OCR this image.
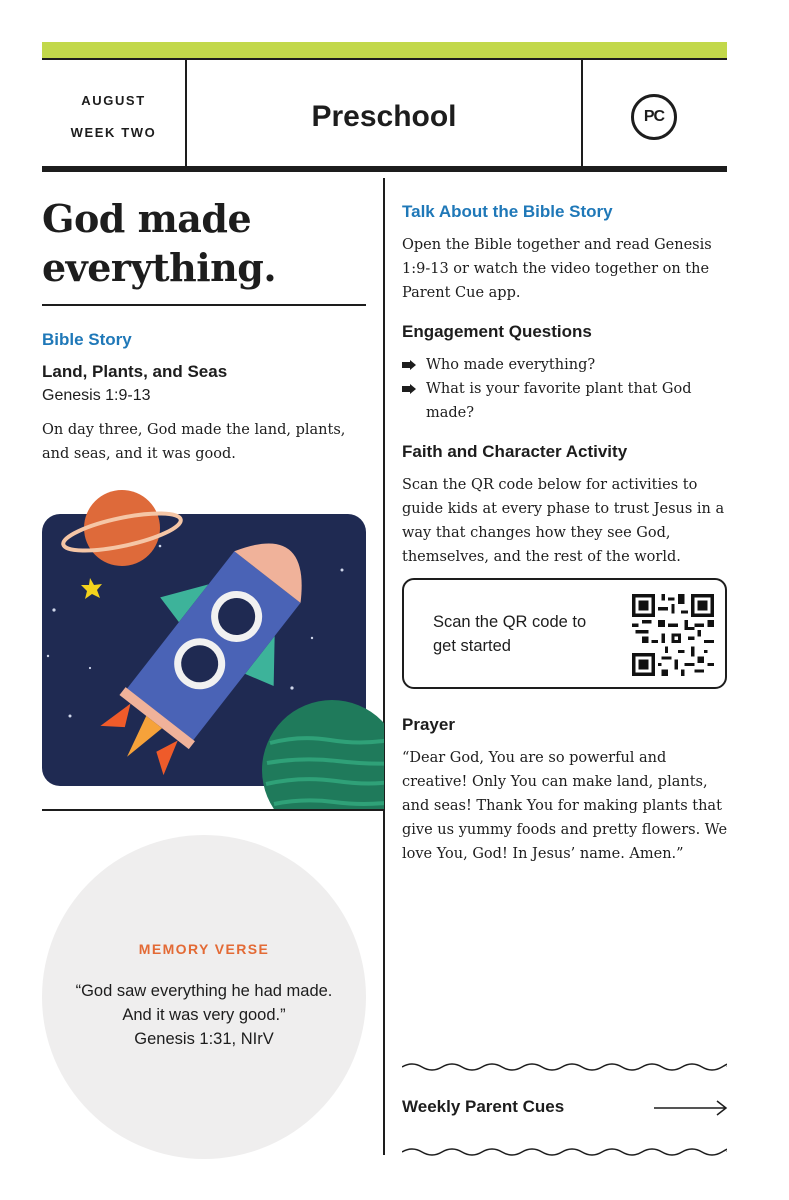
AUGUST
WEEK TWO	Preschool	PC
God made
everything.
Bible Story
Land, Plants, and Seas
Genesis 1:9-13
On day three, God made the land, plants, and seas, and it was good.
MEMORY VERSE
“God saw everything he had made. And it was very good.”
Genesis 1:31, NIrV
Talk About the Bible Story
Open the Bible together and read Genesis 1:9-13 or watch the video together on the Parent Cue app.
Engagement Questions
Who made everything?
What is your favorite plant that God made?
Faith and Character Activity
Scan the QR code below for activities to guide kids at every phase to trust Jesus in a way that changes how they see God, themselves, and the rest of the world.
Scan the QR code to get started
Prayer
“Dear God, You are so powerful and creative! Only You can make land, plants, and seas! Thank You for making plants that give us yummy foods and pretty flowers. We love You, God! In Jesus’ name. Amen.”
Weekly Parent Cues
